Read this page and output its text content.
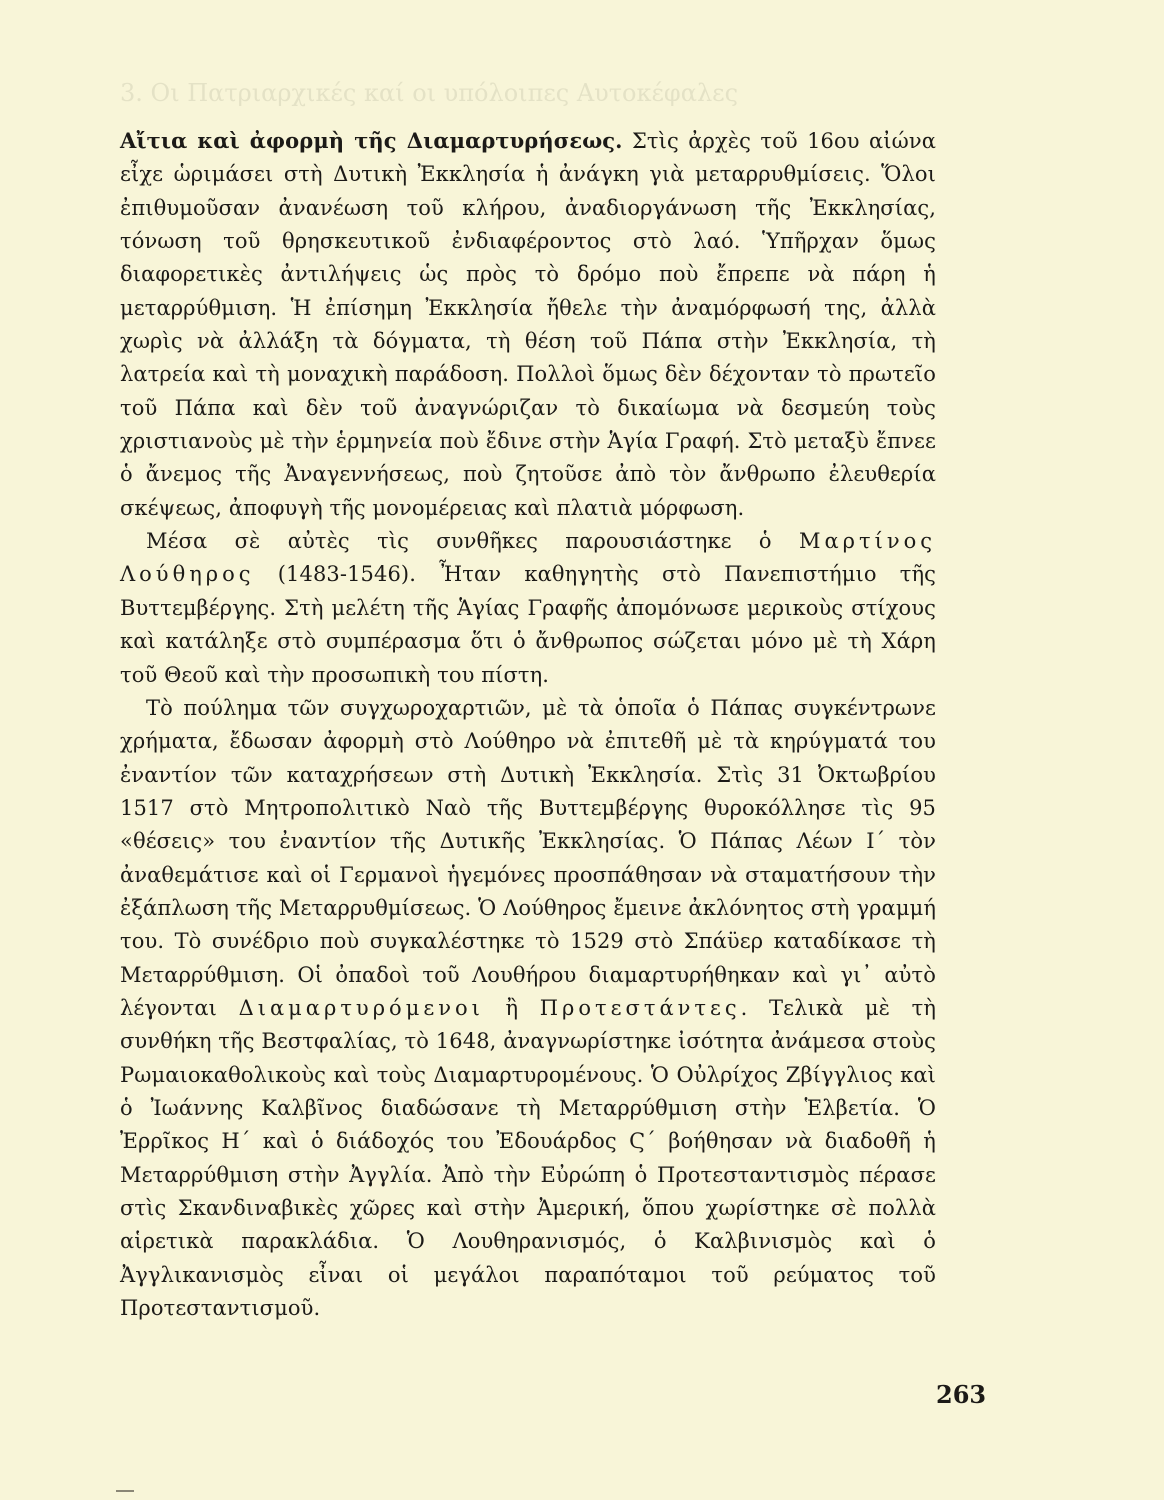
3. Οι Πατριαρχικές καί οι υπόλοιπες Αυτοκέφαλες

Αἴτια καὶ ἀφορμὴ τῆς Διαμαρτυρήσεως. Στὶς ἀρχὲς τοῦ 16ου αἰώνα εἶχε ὡριμάσει στὴ Δυτικὴ Ἐκκλησία ἡ ἀνάγκη γιὰ μεταρρυθμίσεις. Ὅλοι ἐπιθυμοῦσαν ἀνανέωση τοῦ κλήρου, ἀναδιοργάνωση τῆς Ἐκκλησίας, τόνωση τοῦ θρησκευτικοῦ ἐνδιαφέροντος στὸ λαό. Ὑπῆρχαν ὅμως διαφορετικὲς ἀντιλήψεις ὡς πρὸς τὸ δρόμο ποὺ ἔπρεπε νὰ πάρη ἡ μεταρρύθμιση. Ἡ ἐπίσημη Ἐκκλησία ἤθελε τὴν ἀναμόρφωσή της, ἀλλὰ χωρὶς νὰ ἀλλάξη τὰ δόγματα, τὴ θέση τοῦ Πάπα στὴν Ἐκκλησία, τὴ λατρεία καὶ τὴ μοναχικὴ παράδοση. Πολλοὶ ὅμως δὲν δέχονταν τὸ πρωτεῖο τοῦ Πάπα καὶ δὲν τοῦ ἀναγνώριζαν τὸ δικαίωμα νὰ δεσμεύη τοὺς χριστιανοὺς μὲ τὴν ἑρμηνεία ποὺ ἔδινε στὴν Ἁγία Γραφή. Στὸ μεταξὺ ἔπνεε ὁ ἄνεμος τῆς Ἀναγεννήσεως, ποὺ ζητοῦσε ἀπὸ τὸν ἄνθρωπο ἐλευθερία σκέψεως, ἀποφυγὴ τῆς μονομέρειας καὶ πλατιὰ μόρφωση.

Μέσα σὲ αὐτὲς τὶς συνθῆκες παρουσιάστηκε ὁ Μαρτίνος Λούθηρος (1483-1546). Ἦταν καθηγητὴς στὸ Πανεπιστήμιο τῆς Βυττεμβέργης. Στὴ μελέτη τῆς Ἁγίας Γραφῆς ἀπομόνωσε μερικοὺς στίχους καὶ κατάληξε στὸ συμπέρασμα ὅτι ὁ ἄνθρωπος σώζεται μόνο μὲ τὴ Χάρη τοῦ Θεοῦ καὶ τὴν προσωπικὴ του πίστη.

Τὸ πούλημα τῶν συγχωροχαρτιῶν, μὲ τὰ ὁποῖα ὁ Πάπας συγκέντρωνε χρήματα, ἔδωσαν ἀφορμὴ στὸ Λούθηρο νὰ ἐπιτεθῆ μὲ τὰ κηρύγματά του ἐναντίον τῶν καταχρήσεων στὴ Δυτικὴ Ἐκκλησία. Στὶς 31 Ὀκτωβρίου 1517 στὸ Μητροπολιτικὸ Ναὸ τῆς Βυττεμβέργης θυροκόλλησε τὶς 95 «θέσεις» του ἐναντίον τῆς Δυτικῆς Ἐκκλησίας. Ὁ Πάπας Λέων Ι΄ τὸν ἀναθεμάτισε καὶ οἱ Γερμανοὶ ἡγεμόνες προσπάθησαν νὰ σταματήσουν τὴν ἐξάπλωση τῆς Μεταρρυθμίσεως. Ὁ Λούθηρος ἔμεινε ἀκλόνητος στὴ γραμμή του. Τὸ συνέδριο ποὺ συγκαλέστηκε τὸ 1529 στὸ Σπάϋερ καταδίκασε τὴ Μεταρρύθμιση. Οἱ ὀπαδοὶ τοῦ Λουθήρου διαμαρτυρήθηκαν καὶ γι᾽ αὐτὸ λέγονται Διαμαρτυρόμενοι ἢ Προτεστάντες. Τελικὰ μὲ τὴ συνθήκη τῆς Βεστφαλίας, τὸ 1648, ἀναγνωρίστηκε ἰσότητα ἀνάμεσα στοὺς Ρωμαιοκαθολικοὺς καὶ τοὺς Διαμαρτυρομένους. Ὁ Οὐλρίχος Ζβίγγλιος καὶ ὁ Ἰωάννης Καλβῖνος διαδώσανε τὴ Μεταρρύθμιση στὴν Ἑλβετία. Ὁ Ἐρρῖκος Η΄ καὶ ὁ διάδοχός του Ἐδουάρδος Ϛ΄ βοήθησαν νὰ διαδοθῆ ἡ Μεταρρύθμιση στὴν Ἀγγλία. Ἀπὸ τὴν Εὐρώπη ὁ Προτεσταντισμὸς πέρασε στὶς Σκανδιναβικὲς χῶρες καὶ στὴν Ἀμερική, ὅπου χωρίστηκε σὲ πολλὰ αἱρετικὰ παρακλάδια. Ὁ Λουθηρανισμός, ὁ Καλβινισμὸς καὶ ὁ Ἀγγλικανισμὸς εἶναι οἱ μεγάλοι παραπόταμοι τοῦ ρεύματος τοῦ Προτεσταντισμοῦ.

263
